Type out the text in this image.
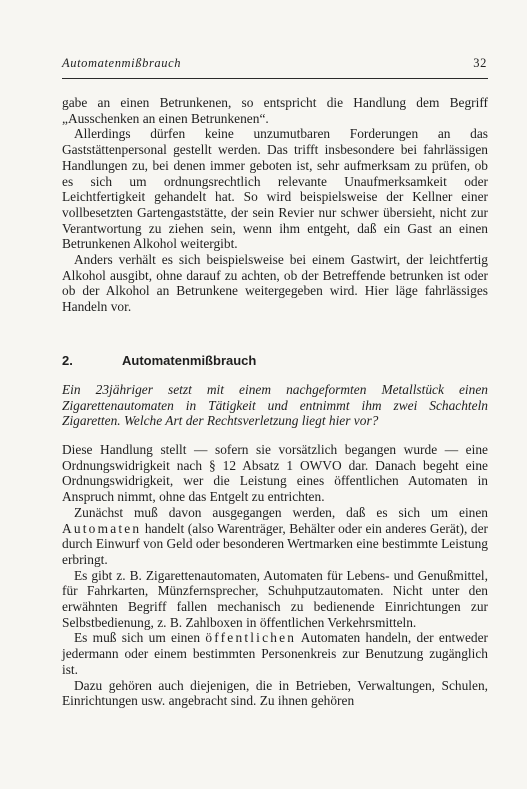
Automatenmißbrauch	32

gabe an einen Betrunkenen, so entspricht die Handlung dem Begriff „Ausschenken an einen Betrunkenen“.

Allerdings dürfen keine unzumutbaren Forderungen an das Gaststättenpersonal gestellt werden. Das trifft insbesondere bei fahrlässigen Handlungen zu, bei denen immer geboten ist, sehr aufmerksam zu prüfen, ob es sich um ordnungsrechtlich relevante Unaufmerksamkeit oder Leichtfertigkeit gehandelt hat. So wird beispielsweise der Kellner einer vollbesetzten Gartengaststätte, der sein Revier nur schwer übersieht, nicht zur Verantwortung zu ziehen sein, wenn ihm entgeht, daß ein Gast an einen Betrunkenen Alkohol weitergibt.

Anders verhält es sich beispielsweise bei einem Gastwirt, der leichtfertig Alkohol ausgibt, ohne darauf zu achten, ob der Betreffende betrunken ist oder ob der Alkohol an Betrunkene weitergegeben wird. Hier läge fahrlässiges Handeln vor.

2.	Automatenmißbrauch

Ein 23jähriger setzt mit einem nachgeformten Metallstück einen Zigarettenautomaten in Tätigkeit und entnimmt ihm zwei Schachteln Zigaretten. Welche Art der Rechtsverletzung liegt hier vor?

Diese Handlung stellt — sofern sie vorsätzlich begangen wurde — eine Ordnungswidrigkeit nach § 12 Absatz 1 OWVO dar. Danach begeht eine Ordnungswidrigkeit, wer die Leistung eines öffentlichen Automaten in Anspruch nimmt, ohne das Entgelt zu entrichten.

Zunächst muß davon ausgegangen werden, daß es sich um einen Automaten handelt (also Warenträger, Behälter oder ein anderes Gerät), der durch Einwurf von Geld oder besonderen Wertmarken eine bestimmte Leistung erbringt.

Es gibt z. B. Zigarettenautomaten, Automaten für Lebens- und Genußmittel, für Fahrkarten, Münzfernsprecher, Schuhputzautomaten. Nicht unter den erwähnten Begriff fallen mechanisch zu bedienende Einrichtungen zur Selbstbedienung, z. B. Zahlboxen in öffentlichen Verkehrsmitteln.

Es muß sich um einen öffentlichen Automaten handeln, der entweder jedermann oder einem bestimmten Personenkreis zur Benutzung zugänglich ist.

Dazu gehören auch diejenigen, die in Betrieben, Verwaltungen, Schulen, Einrichtungen usw. angebracht sind. Zu ihnen gehören
